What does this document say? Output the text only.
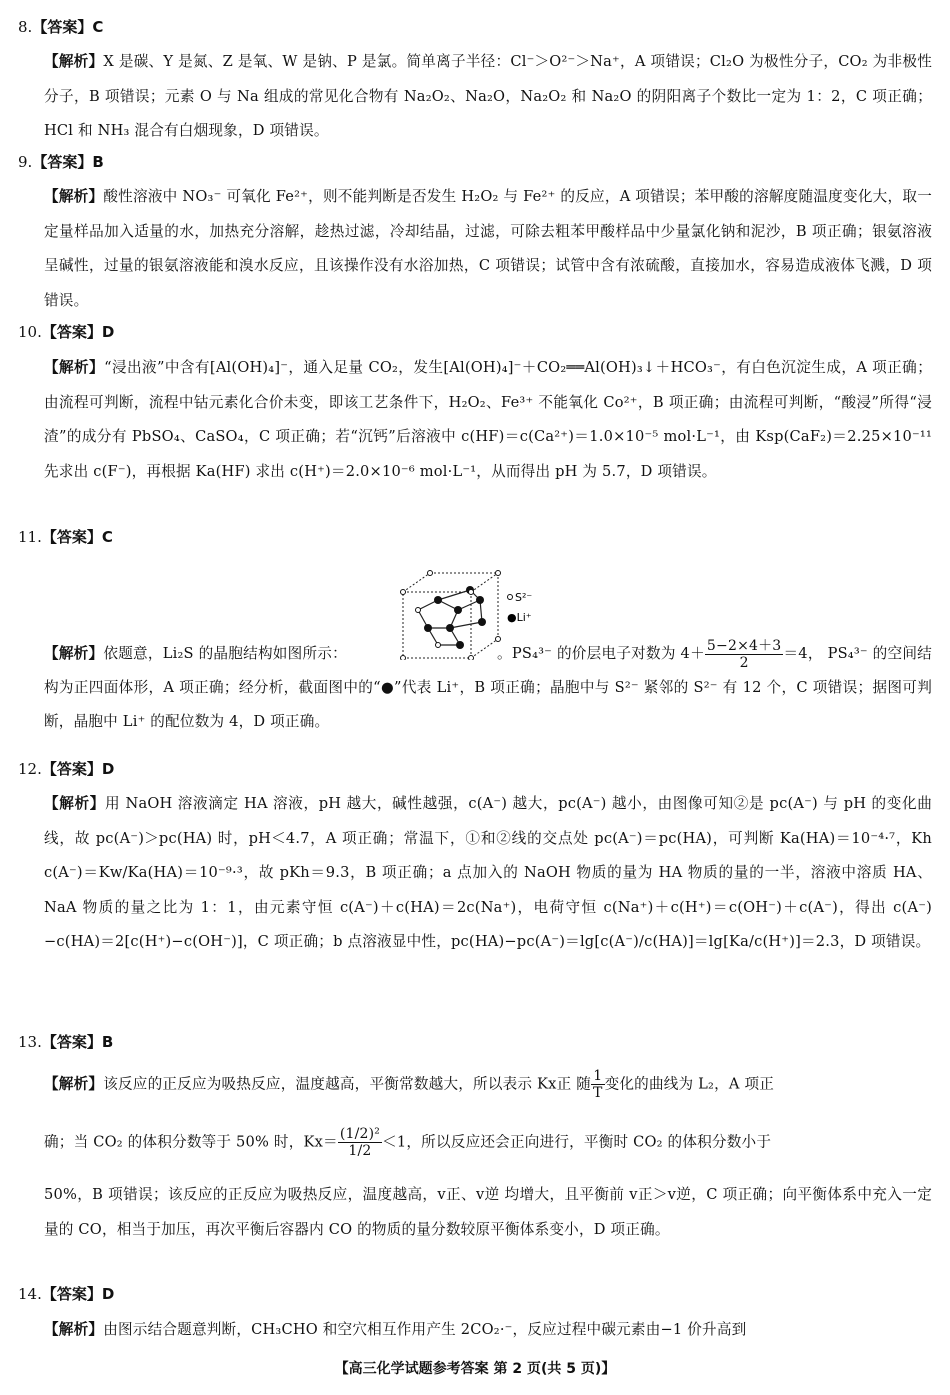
8.【答案】C
【解析】X 是碳、Y 是氮、Z 是氧、W 是钠、P 是氯。简单离子半径：Cl⁻＞O²⁻＞Na⁺，A 项错误；Cl₂O 为极性分子，CO₂ 为非极性分子，B 项错误；元素 O 与 Na 组成的常见化合物有 Na₂O₂、Na₂O，Na₂O₂ 和 Na₂O 的阴阳离子个数比一定为 1：2，C 项正确；HCl 和 NH₃ 混合有白烟现象，D 项错误。
9.【答案】B
【解析】酸性溶液中 NO₃⁻ 可氧化 Fe²⁺，则不能判断是否发生 H₂O₂ 与 Fe²⁺ 的反应，A 项错误；苯甲酸的溶解度随温度变化大，取一定量样品加入适量的水，加热充分溶解，趁热过滤，冷却结晶，过滤，可除去粗苯甲酸样品中少量氯化钠和泥沙，B 项正确；银氨溶液呈碱性，过量的银氨溶液能和溴水反应，且该操作没有水浴加热，C 项错误；试管中含有浓硫酸，直接加水，容易造成液体飞溅，D 项错误。
10.【答案】D
【解析】“浸出液”中含有[Al(OH)₄]⁻，通入足量 CO₂，发生[Al(OH)₄]⁻＋CO₂══Al(OH)₃↓＋HCO₃⁻，有白色沉淀生成，A 项正确；由流程可判断，流程中钴元素化合价未变，即该工艺条件下，H₂O₂、Fe³⁺ 不能氧化 Co²⁺，B 项正确；由流程可判断，“酸浸”所得“浸渣”的成分有 PbSO₄、CaSO₄，C 项正确；若“沉钙”后溶液中 c(HF)＝c(Ca²⁺)＝1.0×10⁻⁵ mol·L⁻¹，由 Ksp(CaF₂)＝2.25×10⁻¹¹ 先求出 c(F⁻)，再根据 Ka(HF) 求出 c(H⁺)＝2.0×10⁻⁶ mol·L⁻¹，从而得出 pH 为 5.7，D 项错误。
11.【答案】C
S²⁻
●Li⁺
【解析】依题意，Li₂S 的晶胞结构如图所示：	。PS₄³⁻ 的价层电子对数为 $4+ \frac{5-2\times 4+3}{2} =4$， PS₄³⁻ 的空间结构为正四面体形，A 项正确；经分析，截面图中的“●”代表 Li⁺，B 项正确；晶胞中与 S²⁻ 紧邻的 S²⁻ 有 12 个，C 项错误；据图可判断，晶胞中 Li⁺ 的配位数为 4，D 项正确。
12.【答案】D
【解析】用 NaOH 溶液滴定 HA 溶液，pH 越大，碱性越强，c(A⁻) 越大，pc(A⁻) 越小，由图像可知②是 pc(A⁻) 与 pH 的变化曲线，故 pc(A⁻)＞pc(HA) 时，pH＜4.7，A 项正确；常温下，①和②线的交点处 pc(A⁻)＝pc(HA)，可判断 Ka(HA)＝10⁻⁴·⁷，Kh c(A⁻)＝Kw/Ka(HA)＝10⁻⁹·³，故 pKh＝9.3，B 项正确；a 点加入的 NaOH 物质的量为 HA 物质的量的一半，溶液中溶质 HA、NaA 物质的量之比为 1：1，由元素守恒 c(A⁻)＋c(HA)＝2c(Na⁺)，电荷守恒 c(Na⁺)＋c(H⁺)＝c(OH⁻)＋c(A⁻)，得出 c(A⁻)−c(HA)＝2[c(H⁺)−c(OH⁻)]，C 项正确；b 点溶液显中性，pc(HA)−pc(A⁻)＝lg[c(A⁻)/c(HA)]＝lg[Ka/c(H⁺)]＝2.3，D 项错误。
13.【答案】B
【解析】该反应的正反应为吸热反应，温度越高，平衡常数越大，所以表示 Kx正 随 $\frac{1}{T}$ 变化的曲线为 L₂，A 项正
确；当 CO₂ 的体积分数等于 50% 时，$Kx= \frac{\text{(1/2)²}}{1/2} <1$，所以反应还会正向进行，平衡时 CO₂ 的体积分数小于
50%，B 项错误；该反应的正反应为吸热反应，温度越高，v正、v逆 均增大，且平衡前 v正＞v逆，C 项正确；向平衡体系中充入一定量的 CO，相当于加压，再次平衡后容器内 CO 的物质的量分数较原平衡体系变小，D 项正确。
14.【答案】D
【解析】由图示结合题意判断，CH₃CHO 和空穴相互作用产生 2CO₂·⁻，反应过程中碳元素由−1 价升高到
【高三化学试题参考答案 第 2 页(共 5 页)】
